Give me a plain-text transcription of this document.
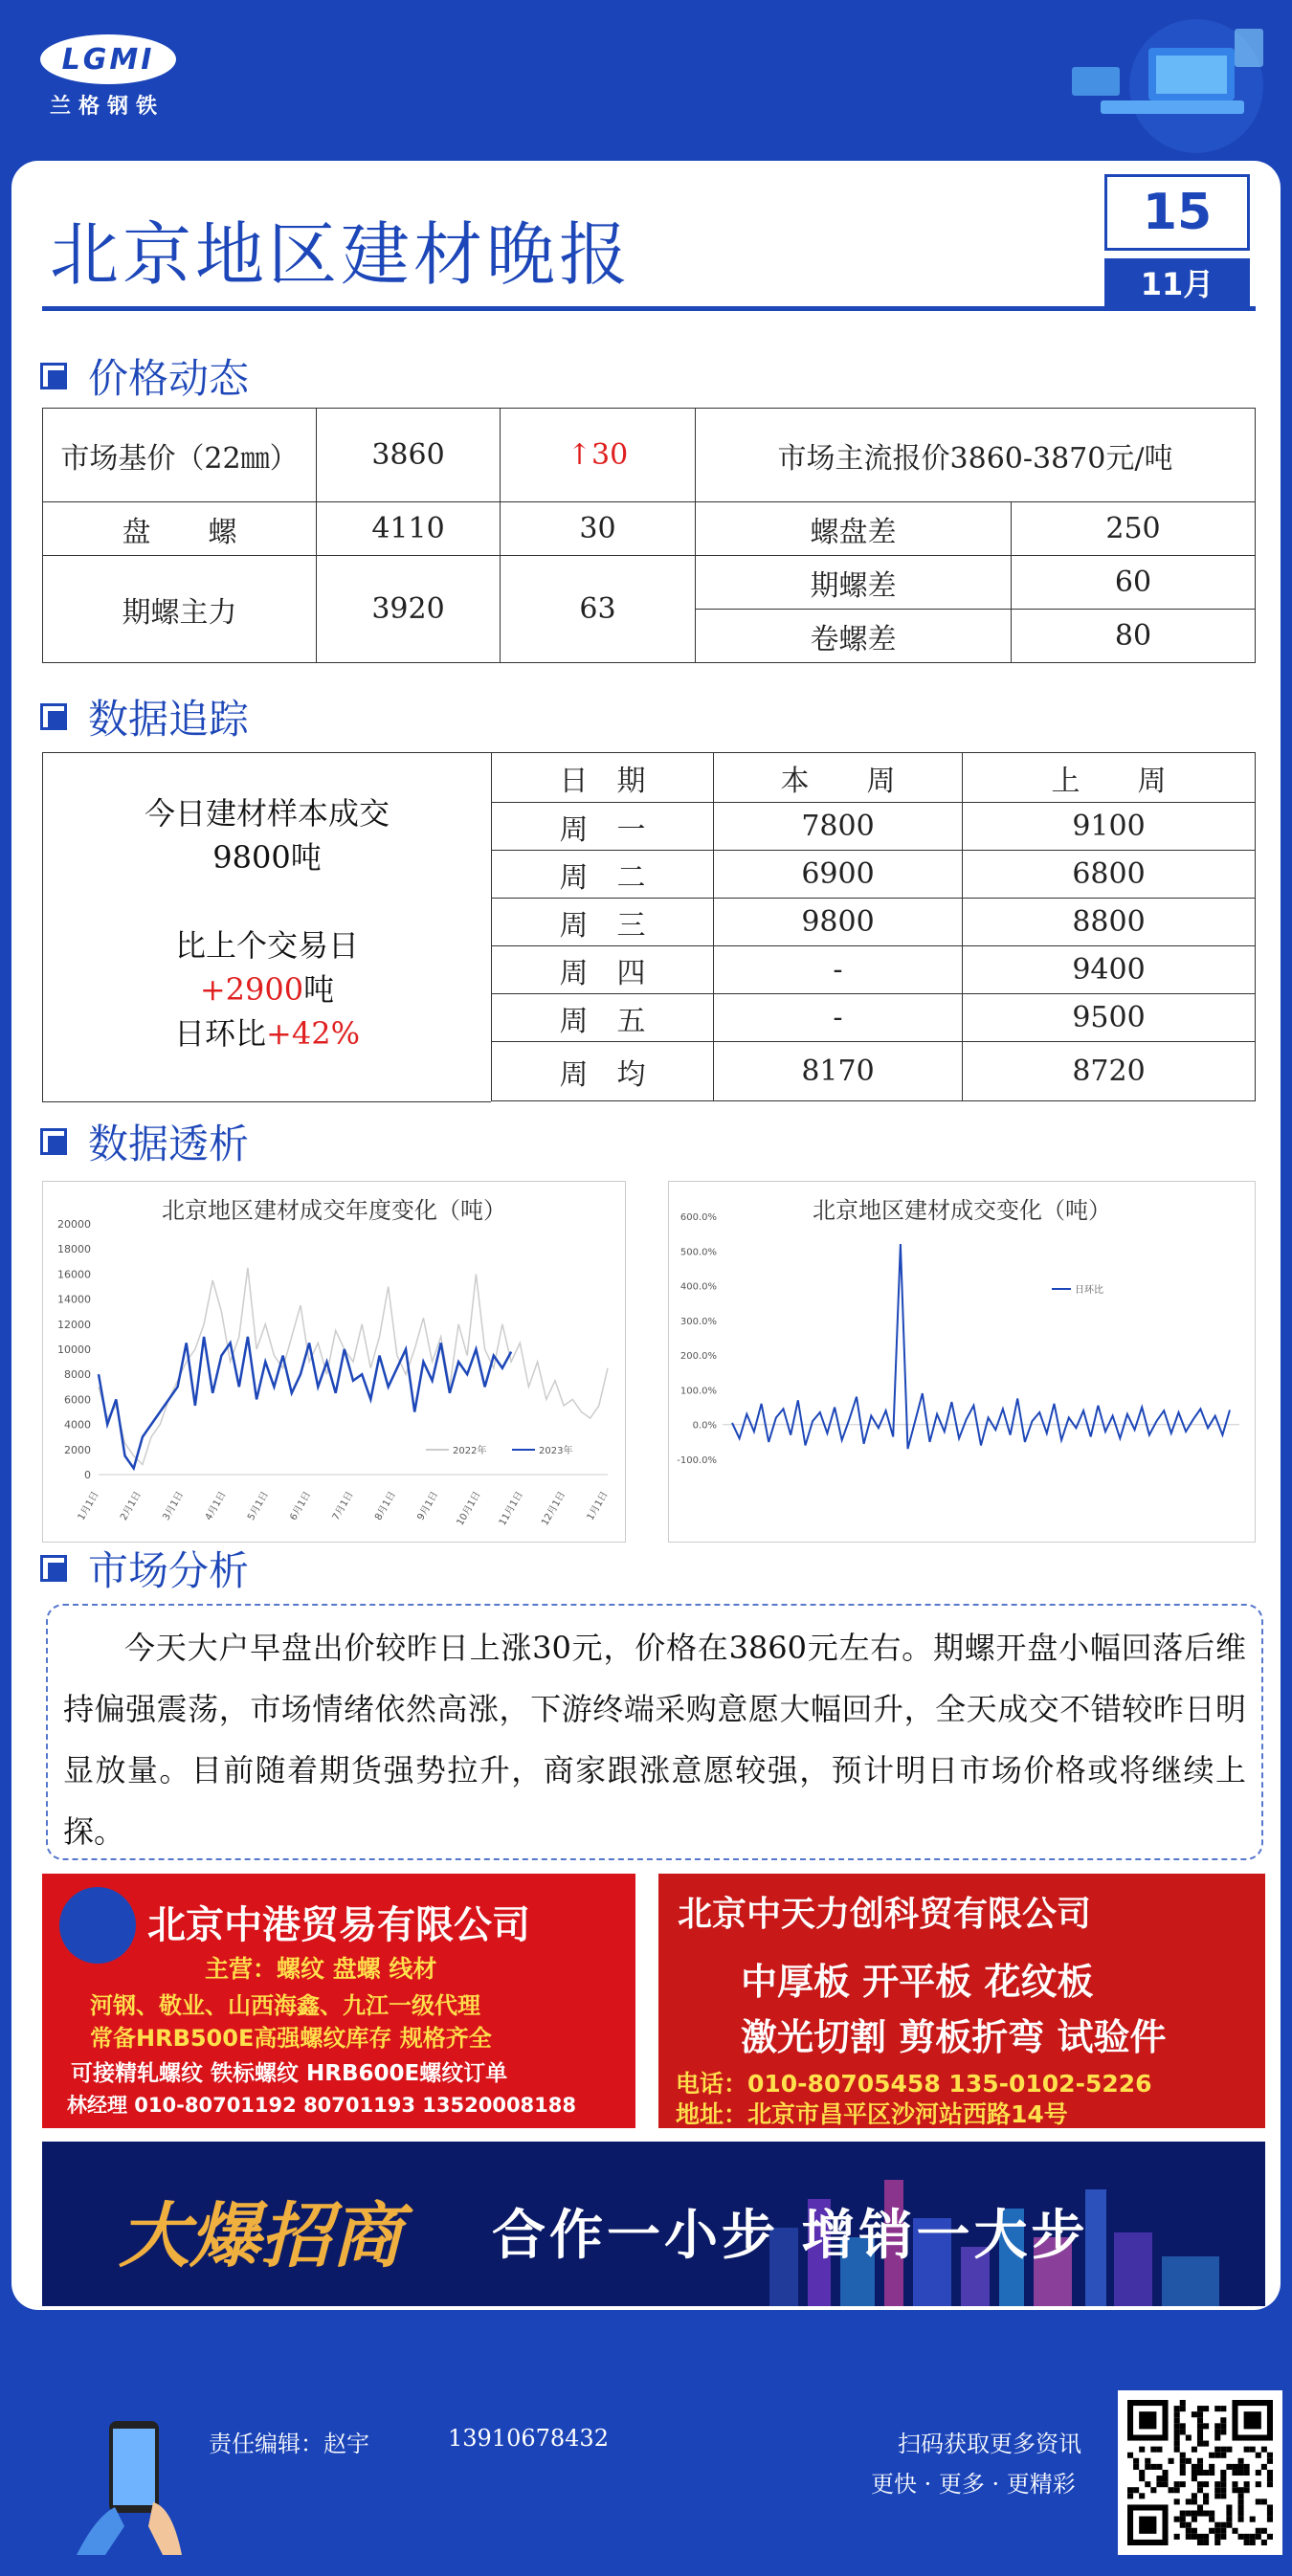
LGMI
兰格钢铁
北京地区建材晚报
15
11月
价格动态
市场基价（22㎜）	3860	↑30	市场主流报价3860-3870元/吨	
盘　　螺	4110	30	螺盘差	250
期螺主力	3920	63	期螺差	60
			卷螺差	80
数据追踪
今日建材样本成交
9800吨
比上个交易日
+2900吨
日环比+42%
日　期	本　　周	上　　周
周　一	7800	9100
周　二	6900	6800
周　三	9800	8800
周　四	-	9400
周　五	-	9500
周　均	8170	8720
数据透析
北京地区建材成交年度变化（吨）
0
2000
4000
6000
8000
10000
12000
14000
16000
18000
20000
1月1日 2月1日 3月1日 4月1日 5月1日 6月1日 7月1日 8月1日 9月1日 10月1日 11月1日 12月1日 1月1日
2022年	2023年
北京地区建材成交变化（吨）
-100.0%
0.0%
100.0%
200.0%
300.0%
400.0%
500.0%
600.0%
日环比
市场分析
今天大户早盘出价较昨日上涨30元，价格在3860元左右。期螺开盘小幅回落后维持偏强震荡，市场情绪依然高涨，下游终端采购意愿大幅回升，全天成交不错较昨日明显放量。目前随着期货强势拉升，商家跟涨意愿较强，预计明日市场价格或将继续上探。
北京中港贸易有限公司
主营：螺纹 盘螺 线材
河钢、敬业、山西海鑫、九江一级代理
常备HRB500E高强螺纹库存 规格齐全
可接精轧螺纹 铁标螺纹 HRB600E螺纹订单
林经理 010-80701192 80701193 13520008188
北京中天力创科贸有限公司
中厚板 开平板 花纹板
激光切割 剪板折弯 试验件
电话：010-80705458 135-0102-5226
地址：北京市昌平区沙河站西路14号
大爆招商 合作一小步 增销一大步
责任编辑：赵宇	13910678432	扫码获取更多资讯
更快 · 更多 · 更精彩
